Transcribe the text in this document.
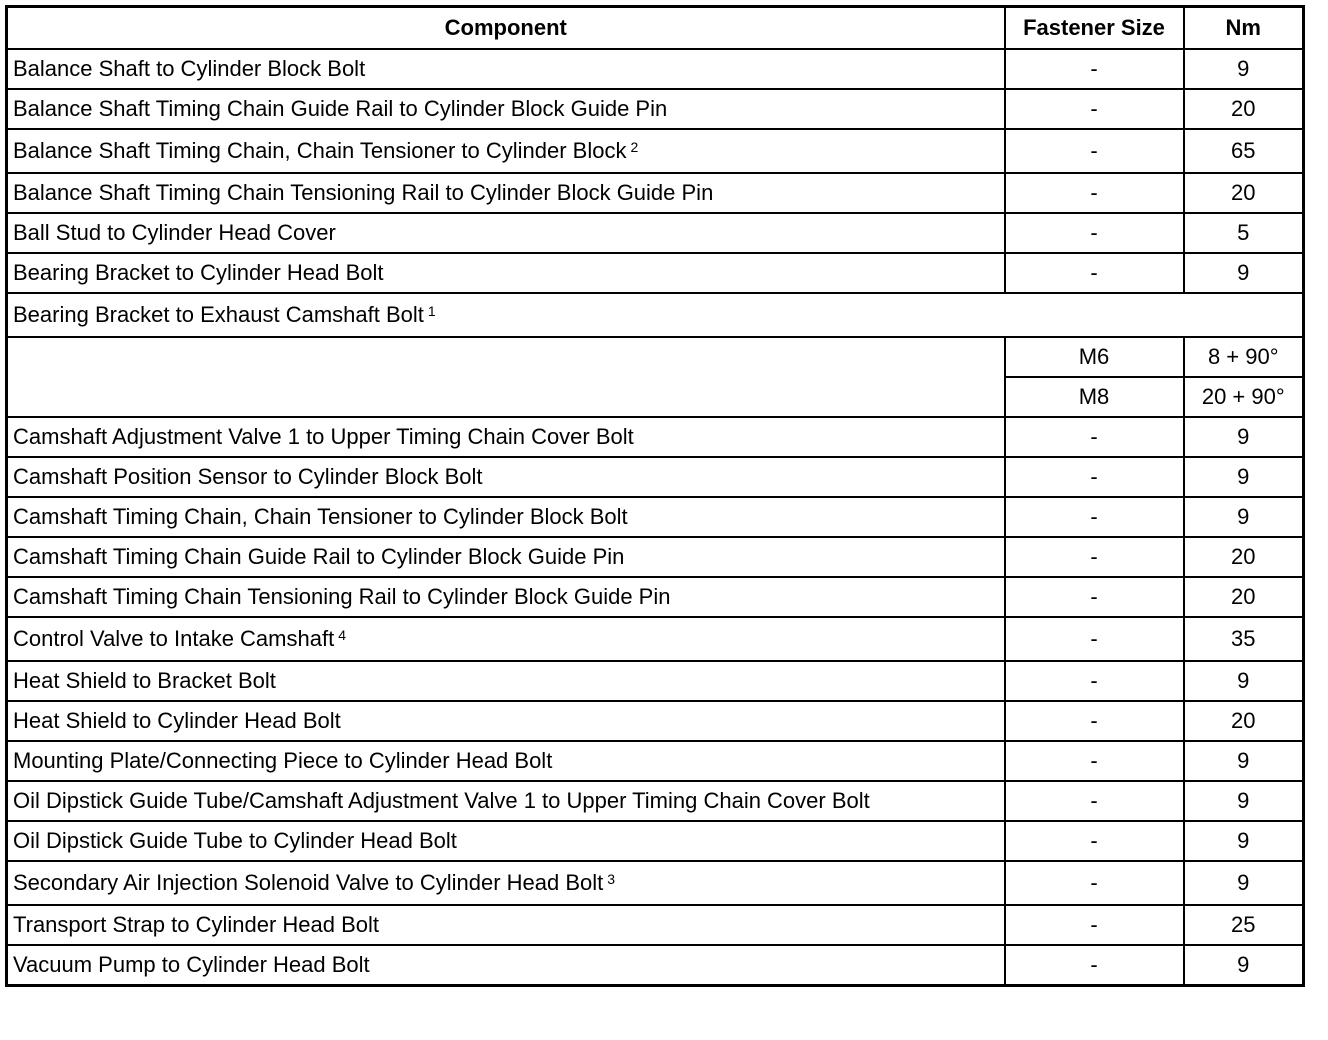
Component	Fastener Size	Nm
Balance Shaft to Cylinder Block Bolt	-	9
Balance Shaft Timing Chain Guide Rail to Cylinder Block Guide Pin	-	20
Balance Shaft Timing Chain, Chain Tensioner to Cylinder Block $^2$	-	65
Balance Shaft Timing Chain Tensioning Rail to Cylinder Block Guide Pin	-	20
Ball Stud to Cylinder Head Cover	-	5
Bearing Bracket to Cylinder Head Bolt	-	9
Bearing Bracket to Exhaust Camshaft Bolt $^1$
	M6	8 + 90°
	M8	20 + 90°
Camshaft Adjustment Valve 1 to Upper Timing Chain Cover Bolt	-	9
Camshaft Position Sensor to Cylinder Block Bolt	-	9
Camshaft Timing Chain, Chain Tensioner to Cylinder Block Bolt	-	9
Camshaft Timing Chain Guide Rail to Cylinder Block Guide Pin	-	20
Camshaft Timing Chain Tensioning Rail to Cylinder Block Guide Pin	-	20
Control Valve to Intake Camshaft $^4$	-	35
Heat Shield to Bracket Bolt	-	9
Heat Shield to Cylinder Head Bolt	-	20
Mounting Plate/Connecting Piece to Cylinder Head Bolt	-	9
Oil Dipstick Guide Tube/Camshaft Adjustment Valve 1 to Upper Timing Chain Cover Bolt	-	9
Oil Dipstick Guide Tube to Cylinder Head Bolt	-	9
Secondary Air Injection Solenoid Valve to Cylinder Head Bolt $^3$	-	9
Transport Strap to Cylinder Head Bolt	-	25
Vacuum Pump to Cylinder Head Bolt	-	9
